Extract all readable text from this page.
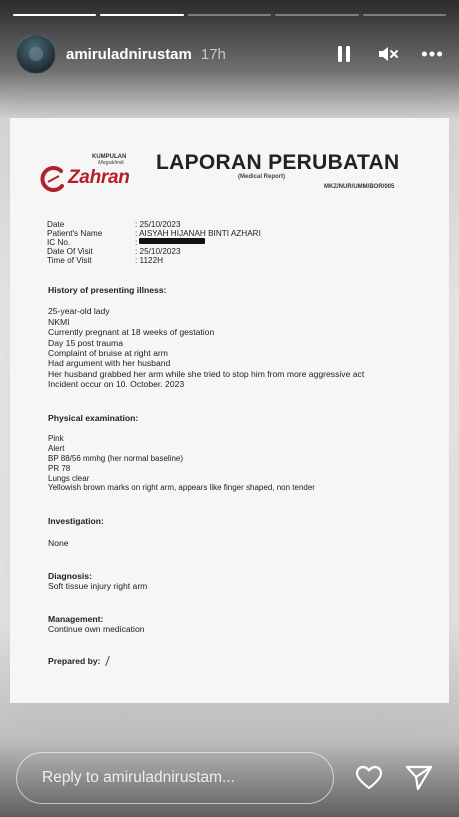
amiruladnirustam 17h
KUMPULAN
Megaklinik
Zahran
LAPORAN PERUBATAN
(Medical Report)
MKZ/NUR/UMM/BOR/005
Date	: 25/10/2023
Patient's Name	: AISYAH HIJANAH BINTI AZHARI
IC No.	:
Date Of Visit	: 25/10/2023
Time of Visit	: 1122H
History of presenting illness:
25-year-old lady
NKMI
Currently pregnant at 18 weeks of gestation
Day 15 post trauma
Complaint of bruise at right arm
Had argument with her husband
Her husband grabbed her arm while she tried to stop him from more aggressive act
Incident occur on 10. October. 2023
Physical examination:
Pink
Alert
BP 88/56 mmhg (her normal baseline)
PR 78
Lungs clear
Yellowish brown marks on right arm, appears like finger shaped, non tender
Investigation:
None
Diagnosis:
Soft tissue injury right arm
Management:
Continue own medication
Prepared by:
Reply to amiruladnirustam...
